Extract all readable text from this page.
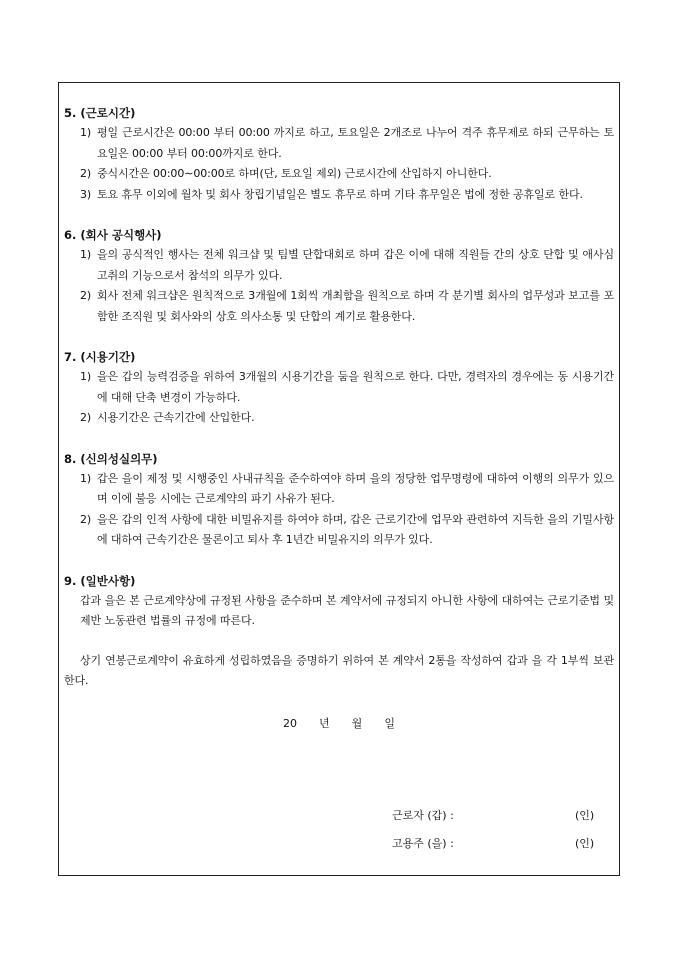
5. (근로시간)
1) 평일 근로시간은 00:00 부터 00:00 까지로 하고, 토요일은 2개조로 나누어 격주 휴무제로 하되 근무하는 토요일은 00:00 부터 00:00까지로 한다.
2) 중식시간은 00:00∼00:00로 하며(단, 토요일 제외) 근로시간에 산입하지 아니한다.
3) 토요 휴무 이외에 월차 및 회사 창립기념일은 별도 휴무로 하며 기타 휴무일은 법에 정한 공휴일로 한다.
6. (회사 공식행사)
1) 을의 공식적인 행사는 전체 워크샵 및 팀별 단합대회로 하며 갑은 이에 대해 직원들 간의 상호 단합 및 애사심 고취의 기능으로서 참석의 의무가 있다.
2) 회사 전체 워크샵은 원칙적으로 3개월에 1회씩 개최함을 원칙으로 하며 각 분기별 회사의 업무성과 보고를 포함한 조직원 및 회사와의 상호 의사소통 및 단합의 계기로 활용한다.
7. (시용기간)
1) 을은 갑의 능력검증을 위하여 3개월의 시용기간을 둠을 원칙으로 한다. 다만, 경력자의 경우에는 동 시용기간에 대해 단축 변경이 가능하다.
2) 시용기간은 근속기간에 산입한다.
8. (신의성실의무)
1) 갑은 을이 제정 및 시행중인 사내규칙을 준수하여야 하며 을의 정당한 업무명령에 대하여 이행의 의무가 있으며 이에 불응 시에는 근로계약의 파기 사유가 된다.
2) 을은 갑의 인적 사항에 대한 비밀유지를 하여야 하며, 갑은 근로기간에 업무와 관련하여 지득한 을의 기밀사항에 대하여 근속기간은 물론이고 퇴사 후 1년간 비밀유지의 의무가 있다.
9. (일반사항)
갑과 을은 본 근로계약상에 규정된 사항을 준수하며 본 계약서에 규정되지 아니한 사항에 대하여는 근로기준법 및 제반 노동관련 법률의 규정에 따른다.
상기 연봉근로계약이 유효하게 성립하였음을 증명하기 위하여 본 계약서 2통을 작성하여 갑과 을 각 1부씩 보관한다.
20 년 월 일
근로자 (갑) :	(인)
고용주 (을) :	(인)
